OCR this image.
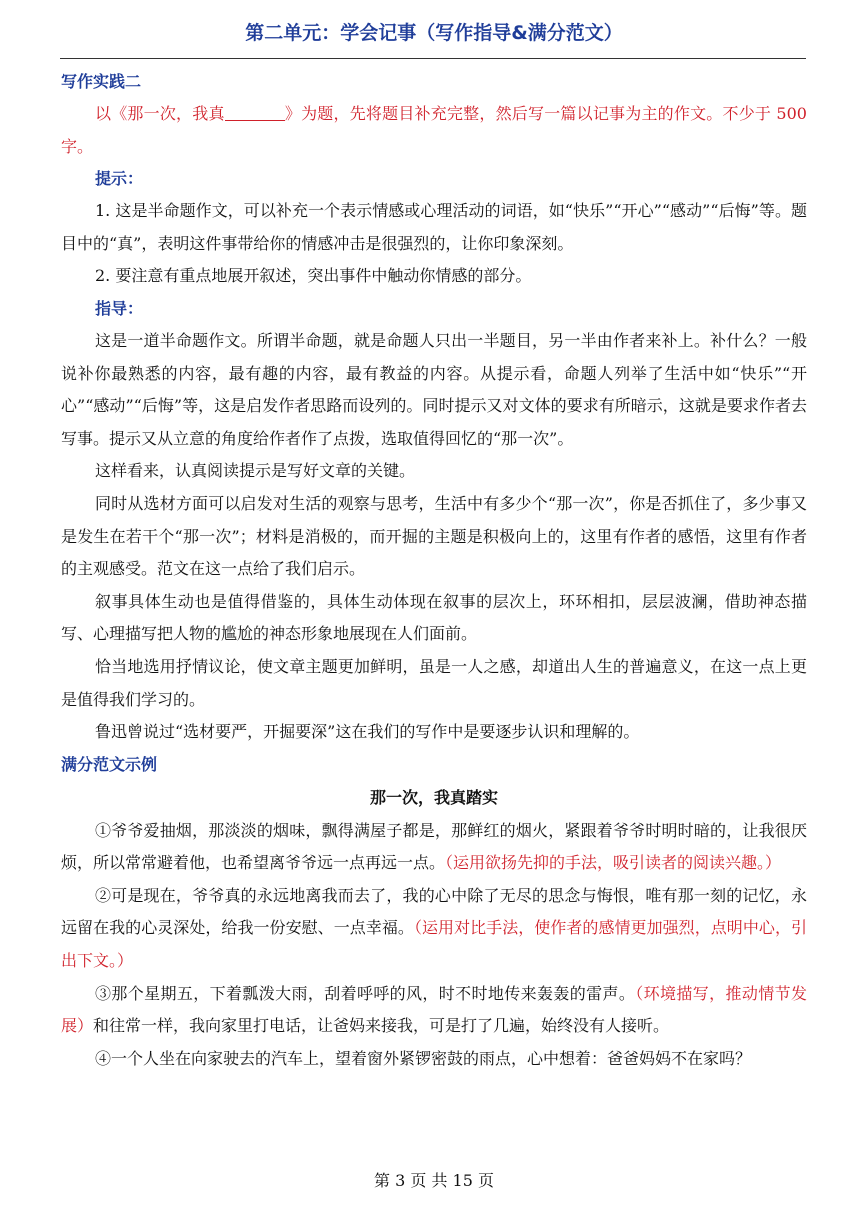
第二单元：学会记事（写作指导&满分范文）

写作实践二

以《那一次，我真	》为题，先将题目补充完整，然后写一篇以记事为主的作文。不少于 500 字。

提示：

1. 这是半命题作文，可以补充一个表示情感或心理活动的词语，如“快乐”“开心”“感动”“后悔”等。题目中的“真”，表明这件事带给你的情感冲击是很强烈的，让你印象深刻。

2. 要注意有重点地展开叙述，突出事件中触动你情感的部分。

指导：

这是一道半命题作文。所谓半命题，就是命题人只出一半题目，另一半由作者来补上。补什么？一般说补你最熟悉的内容，最有趣的内容，最有教益的内容。从提示看，命题人列举了生活中如“快乐”“开心”“感动”“后悔”等，这是启发作者思路而设列的。同时提示又对文体的要求有所暗示，这就是要求作者去写事。提示又从立意的角度给作者作了点拨，选取值得回忆的“那一次”。

这样看来，认真阅读提示是写好文章的关键。

同时从选材方面可以启发对生活的观察与思考，生活中有多少个“那一次”，你是否抓住了，多少事又是发生在若干个“那一次”；材料是消极的，而开掘的主题是积极向上的，这里有作者的感悟，这里有作者的主观感受。范文在这一点给了我们启示。

叙事具体生动也是值得借鉴的，具体生动体现在叙事的层次上，环环相扣，层层波澜，借助神态描写、心理描写把人物的尴尬的神态形象地展现在人们面前。

恰当地选用抒情议论，使文章主题更加鲜明，虽是一人之感，却道出人生的普遍意义，在这一点上更是值得我们学习的。

鲁迅曾说过“选材要严，开掘要深”这在我们的写作中是要逐步认识和理解的。

满分范文示例

那一次，我真踏实

①爷爷爱抽烟，那淡淡的烟味，飘得满屋子都是，那鲜红的烟火，紧跟着爷爷时明时暗的，让我很厌烦，所以常常避着他，也希望离爷爷远一点再远一点。（运用欲扬先抑的手法，吸引读者的阅读兴趣。）

②可是现在，爷爷真的永远地离我而去了，我的心中除了无尽的思念与悔恨，唯有那一刻的记忆，永远留在我的心灵深处，给我一份安慰、一点幸福。（运用对比手法，使作者的感情更加强烈，点明中心，引出下文。）

③那个星期五，下着瓢泼大雨，刮着呼呼的风，时不时地传来轰轰的雷声。（环境描写，推动情节发展）和往常一样，我向家里打电话，让爸妈来接我，可是打了几遍，始终没有人接听。

④一个人坐在向家驶去的汽车上，望着窗外紧锣密鼓的雨点，心中想着：爸爸妈妈不在家吗？

第 3 页 共 15 页
